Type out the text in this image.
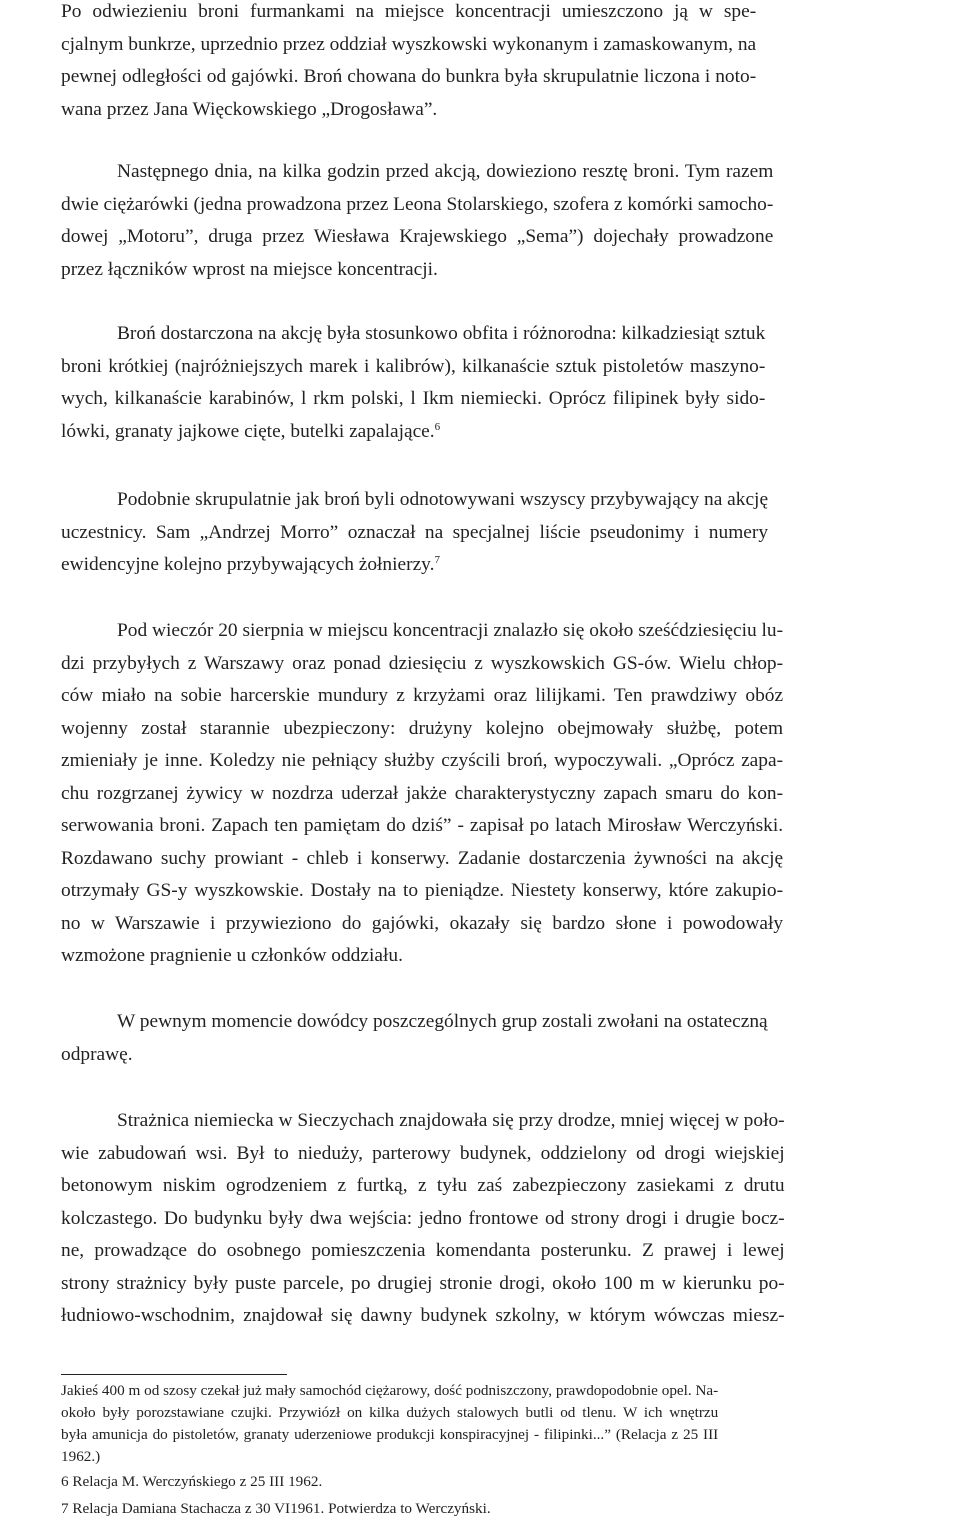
Po odwiezieniu broni furmankami na miejsce koncentracji umieszczono ją w spe-
cjalnym bunkrze, uprzednio przez oddział wyszkowski wykonanym i zamaskowanym, na
pewnej odległości od gajówki. Broń chowana do bunkra była skrupulatnie liczona i noto-
wana przez Jana Więckowskiego „Drogosława”.
Następnego dnia, na kilka godzin przed akcją, dowieziono resztę broni. Tym razem
dwie ciężarówki (jedna prowadzona przez Leona Stolarskiego, szofera z komórki samocho-
dowej „Motoru”, druga przez Wiesława Krajewskiego „Sema”) dojechały prowadzone
przez łączników wprost na miejsce koncentracji.
Broń dostarczona na akcję była stosunkowo obfita i różnorodna: kilkadziesiąt sztuk
broni krótkiej (najróżniejszych marek i kalibrów), kilkanaście sztuk pistoletów maszyno-
wych, kilkanaście karabinów, l rkm polski, l Ikm niemiecki. Oprócz filipinek były sido-
lówki, granaty jajkowe cięte, butelki zapalające.$^6$
Podobnie skrupulatnie jak broń byli odnotowywani wszyscy przybywający na akcję
uczestnicy. Sam „Andrzej Morro” oznaczał na specjalnej liście pseudonimy i numery
ewidencyjne kolejno przybywających żołnierzy.$^7$
Pod wieczór 20 sierpnia w miejscu koncentracji znalazło się około sześćdziesięciu lu-
dzi przybyłych z Warszawy oraz ponad dziesięciu z wyszkowskich GS-ów. Wielu chłop-
ców miało na sobie harcerskie mundury z krzyżami oraz lilijkami. Ten prawdziwy obóz
wojenny został starannie ubezpieczony: drużyny kolejno obejmowały służbę, potem
zmieniały je inne. Koledzy nie pełniący służby czyścili broń, wypoczywali. „Oprócz zapa-
chu rozgrzanej żywicy w nozdrza uderzał jakże charakterystyczny zapach smaru do kon-
serwowania broni. Zapach ten pamiętam do dziś” - zapisał po latach Mirosław Werczyński.
Rozdawano suchy prowiant - chleb i konserwy. Zadanie dostarczenia żywności na akcję
otrzymały GS-y wyszkowskie. Dostały na to pieniądze. Niestety konserwy, które zakupio-
no w Warszawie i przywieziono do gajówki, okazały się bardzo słone i powodowały
wzmożone pragnienie u członków oddziału.
W pewnym momencie dowódcy poszczególnych grup zostali zwołani na ostateczną
odprawę.
Strażnica niemiecka w Sieczychach znajdowała się przy drodze, mniej więcej w poło-
wie zabudowań wsi. Był to nieduży, parterowy budynek, oddzielony od drogi wiejskiej
betonowym niskim ogrodzeniem z furtką, z tyłu zaś zabezpieczony zasiekami z drutu
kolczastego. Do budynku były dwa wejścia: jedno frontowe od strony drogi i drugie bocz-
ne, prowadzące do osobnego pomieszczenia komendanta posterunku. Z prawej i lewej
strony strażnicy były puste parcele, po drugiej stronie drogi, około 100 m w kierunku po-
łudniowo-wschodnim, znajdował się dawny budynek szkolny, w którym wówczas miesz-
Jakieś 400 m od szosy czekał już mały samochód ciężarowy, dość podniszczony, prawdopodobnie opel. Na-
około były porozstawiane czujki. Przywiózł on kilka dużych stalowych butli od tlenu. W ich wnętrzu
była amunicja do pistoletów, granaty uderzeniowe produkcji konspiracyjnej - filipinki...” (Relacja z 25 III
1962.)
6 Relacja M. Werczyńskiego z 25 III 1962.
7 Relacja Damiana Stachacza z 30 VI1961. Potwierdza to Werczyński.
